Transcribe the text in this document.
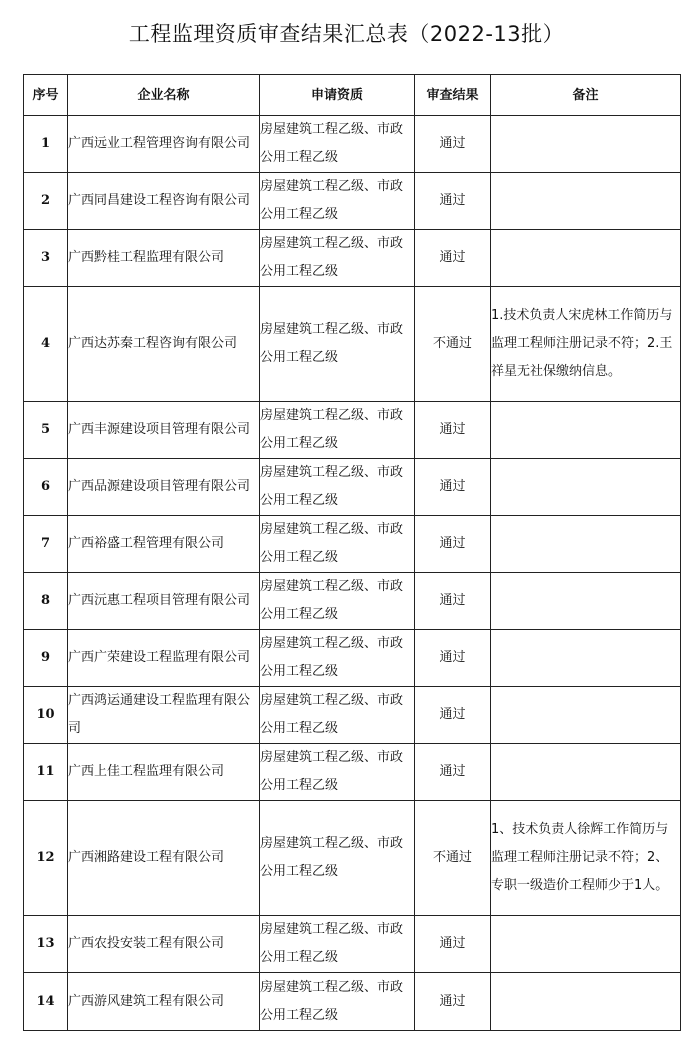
工程监理资质审查结果汇总表（2022-13批）
序号	企业名称	申请资质	审查结果	备注
1	广西远业工程管理咨询有限公司	房屋建筑工程乙级、市政公用工程乙级	通过	
2	广西同昌建设工程咨询有限公司	房屋建筑工程乙级、市政公用工程乙级	通过	
3	广西黔桂工程监理有限公司	房屋建筑工程乙级、市政公用工程乙级	通过	
4	广西达苏秦工程咨询有限公司	房屋建筑工程乙级、市政公用工程乙级	不通过	1.技术负责人宋虎林工作简历与监理工程师注册记录不符；2.王祥星无社保缴纳信息。
5	广西丰源建设项目管理有限公司	房屋建筑工程乙级、市政公用工程乙级	通过	
6	广西品源建设项目管理有限公司	房屋建筑工程乙级、市政公用工程乙级	通过	
7	广西裕盛工程管理有限公司	房屋建筑工程乙级、市政公用工程乙级	通过	
8	广西沅惠工程项目管理有限公司	房屋建筑工程乙级、市政公用工程乙级	通过	
9	广西广荣建设工程监理有限公司	房屋建筑工程乙级、市政公用工程乙级	通过	
10	广西鸿运通建设工程监理有限公司	房屋建筑工程乙级、市政公用工程乙级	通过	
11	广西上佳工程监理有限公司	房屋建筑工程乙级、市政公用工程乙级	通过	
12	广西湘路建设工程有限公司	房屋建筑工程乙级、市政公用工程乙级	不通过	1、技术负责人徐辉工作简历与监理工程师注册记录不符；2、专职一级造价工程师少于1人。
13	广西农投安装工程有限公司	房屋建筑工程乙级、市政公用工程乙级	通过	
14	广西游风建筑工程有限公司	房屋建筑工程乙级、市政公用工程乙级	通过	
